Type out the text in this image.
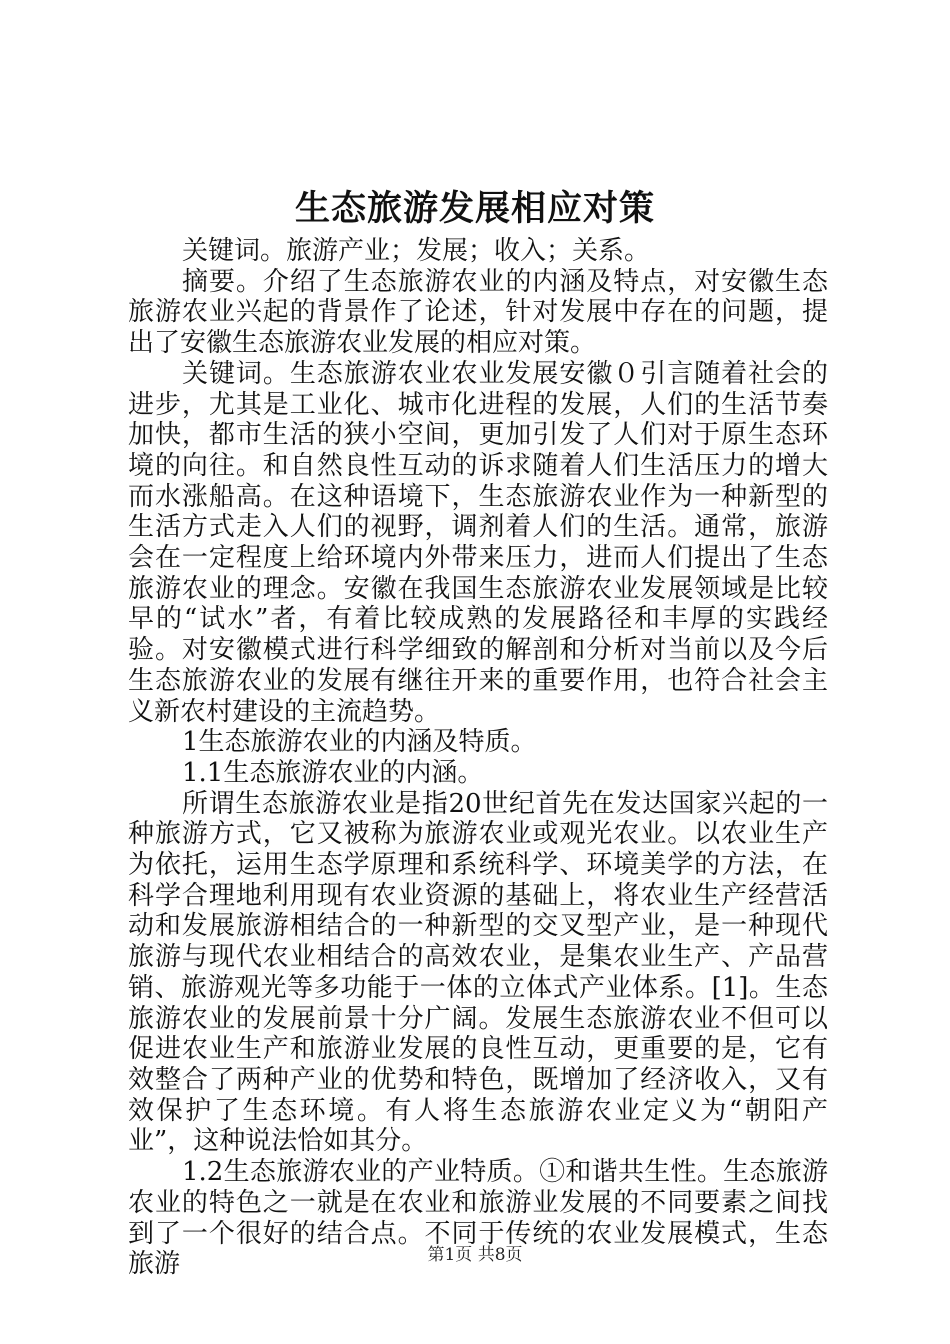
生态旅游发展相应对策

关键词。旅游产业；发展；收入；关系。

摘要。介绍了生态旅游农业的内涵及特点，对安徽生态旅游农业兴起的背景作了论述，针对发展中存在的问题，提出了安徽生态旅游农业发展的相应对策。

关键词。生态旅游农业农业发展安徽０引言随着社会的进步，尤其是工业化、城市化进程的发展，人们的生活节奏加快，都市生活的狭小空间，更加引发了人们对于原生态环境的向往。和自然良性互动的诉求随着人们生活压力的增大而水涨船高。在这种语境下，生态旅游农业作为一种新型的生活方式走入人们的视野，调剂着人们的生活。通常，旅游会在一定程度上给环境内外带来压力，进而人们提出了生态旅游农业的理念。安徽在我国生态旅游农业发展领域是比较早的“试水”者，有着比较成熟的发展路径和丰厚的实践经验。对安徽模式进行科学细致的解剖和分析对当前以及今后生态旅游农业的发展有继往开来的重要作用，也符合社会主义新农村建设的主流趋势。

1生态旅游农业的内涵及特质。

1.1生态旅游农业的内涵。

所谓生态旅游农业是指20世纪首先在发达国家兴起的一种旅游方式，它又被称为旅游农业或观光农业。以农业生产为依托，运用生态学原理和系统科学、环境美学的方法，在科学合理地利用现有农业资源的基础上，将农业生产经营活动和发展旅游相结合的一种新型的交叉型产业，是一种现代旅游与现代农业相结合的高效农业，是集农业生产、产品营销、旅游观光等多功能于一体的立体式产业体系。[1]。生态旅游农业的发展前景十分广阔。发展生态旅游农业不但可以促进农业生产和旅游业发展的良性互动，更重要的是，它有效整合了两种产业的优势和特色，既增加了经济收入，又有效保护了生态环境。有人将生态旅游农业定义为“朝阳产业”，这种说法恰如其分。

1.2生态旅游农业的产业特质。①和谐共生性。生态旅游农业的特色之一就是在农业和旅游业发展的不同要素之间找到了一个很好的结合点。不同于传统的农业发展模式，生态旅游	第1页 共8页
